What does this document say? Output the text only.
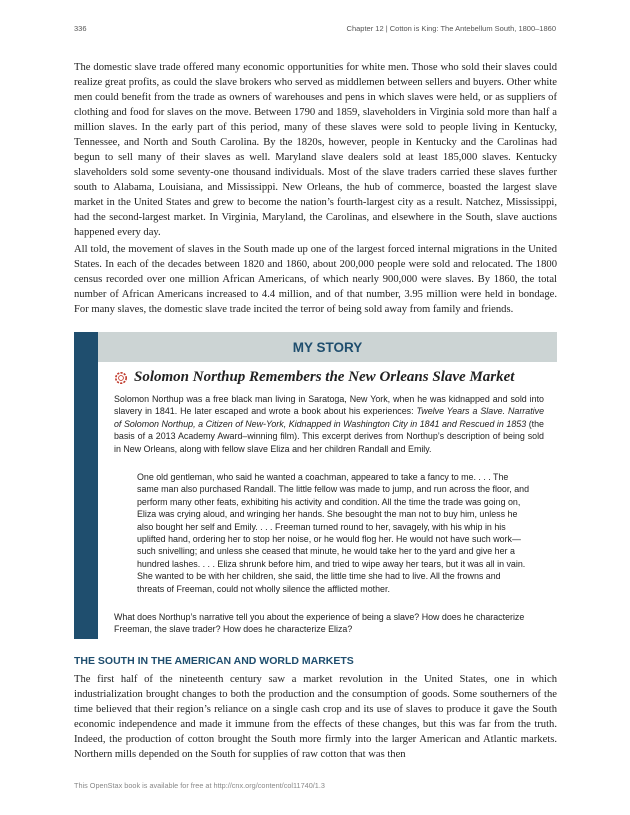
336	Chapter 12 | Cotton is King: The Antebellum South, 1800–1860

The domestic slave trade offered many economic opportunities for white men. Those who sold their slaves could realize great profits, as could the slave brokers who served as middlemen between sellers and buyers. Other white men could benefit from the trade as owners of warehouses and pens in which slaves were held, or as suppliers of clothing and food for slaves on the move. Between 1790 and 1859, slaveholders in Virginia sold more than half a million slaves. In the early part of this period, many of these slaves were sold to people living in Kentucky, Tennessee, and North and South Carolina. By the 1820s, however, people in Kentucky and the Carolinas had begun to sell many of their slaves as well. Maryland slave dealers sold at least 185,000 slaves. Kentucky slaveholders sold some seventy-one thousand individuals. Most of the slave traders carried these slaves further south to Alabama, Louisiana, and Mississippi. New Orleans, the hub of commerce, boasted the largest slave market in the United States and grew to become the nation’s fourth-largest city as a result. Natchez, Mississippi, had the second-largest market. In Virginia, Maryland, the Carolinas, and elsewhere in the South, slave auctions happened every day.

All told, the movement of slaves in the South made up one of the largest forced internal migrations in the United States. In each of the decades between 1820 and 1860, about 200,000 people were sold and relocated. The 1800 census recorded over one million African Americans, of which nearly 900,000 were slaves. By 1860, the total number of African Americans increased to 4.4 million, and of that number, 3.95 million were held in bondage. For many slaves, the domestic slave trade incited the terror of being sold away from family and friends.

MY STORY
Solomon Northup Remembers the New Orleans Slave Market

Solomon Northup was a free black man living in Saratoga, New York, when he was kidnapped and sold into slavery in 1841. He later escaped and wrote a book about his experiences: Twelve Years a Slave. Narrative of Solomon Northup, a Citizen of New-York, Kidnapped in Washington City in 1841 and Rescued in 1853 (the basis of a 2013 Academy Award–winning film). This excerpt derives from Northup’s description of being sold in New Orleans, along with fellow slave Eliza and her children Randall and Emily.

One old gentleman, who said he wanted a coachman, appeared to take a fancy to me. . . . The same man also purchased Randall. The little fellow was made to jump, and run across the floor, and perform many other feats, exhibiting his activity and condition. All the time the trade was going on, Eliza was crying aloud, and wringing her hands. She besought the man not to buy him, unless he also bought her self and Emily. . . . Freeman turned round to her, savagely, with his whip in his uplifted hand, ordering her to stop her noise, or he would flog her. He would not have such work—such snivelling; and unless she ceased that minute, he would take her to the yard and give her a hundred lashes. . . . Eliza shrunk before him, and tried to wipe away her tears, but it was all in vain. She wanted to be with her children, she said, the little time she had to live. All the frowns and threats of Freeman, could not wholly silence the afflicted mother.

What does Northup’s narrative tell you about the experience of being a slave? How does he characterize Freeman, the slave trader? How does he characterize Eliza?

THE SOUTH IN THE AMERICAN AND WORLD MARKETS

The first half of the nineteenth century saw a market revolution in the United States, one in which industrialization brought changes to both the production and the consumption of goods. Some southerners of the time believed that their region’s reliance on a single cash crop and its use of slaves to produce it gave the South economic independence and made it immune from the effects of these changes, but this was far from the truth. Indeed, the production of cotton brought the South more firmly into the larger American and Atlantic markets. Northern mills depended on the South for supplies of raw cotton that was then

This OpenStax book is available for free at http://cnx.org/content/col11740/1.3
